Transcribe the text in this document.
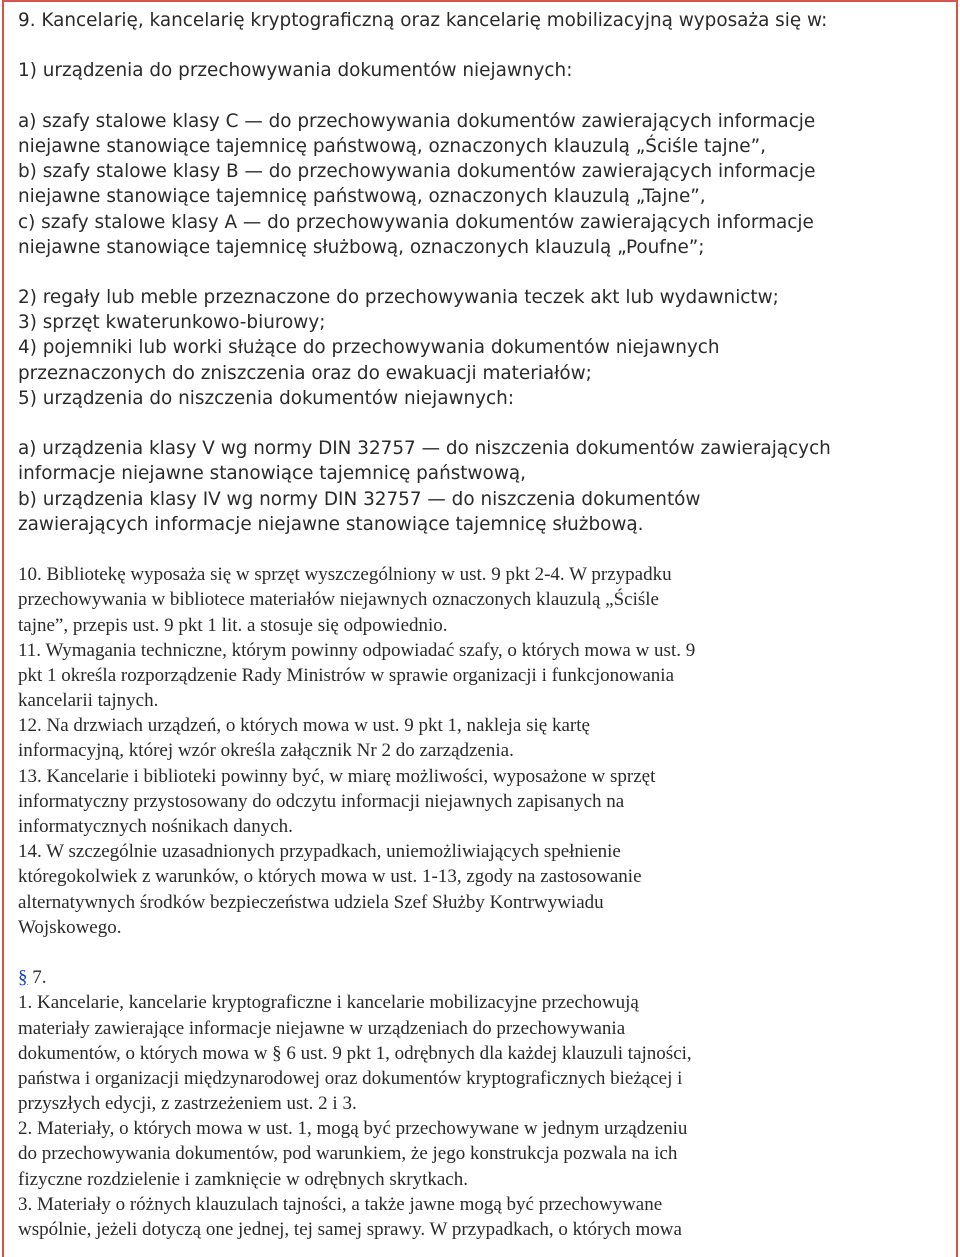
9. Kancelarię, kancelarię kryptograficzną oraz kancelarię mobilizacyjną wyposaża się w:
1) urządzenia do przechowywania dokumentów niejawnych:
a) szafy stalowe klasy C — do przechowywania dokumentów zawierających informacje
niejawne stanowiące tajemnicę państwową, oznaczonych klauzulą „Ściśle tajne”,
b) szafy stalowe klasy B — do przechowywania dokumentów zawierających informacje
niejawne stanowiące tajemnicę państwową, oznaczonych klauzulą „Tajne”,
c) szafy stalowe klasy A — do przechowywania dokumentów zawierających informacje
niejawne stanowiące tajemnicę służbową, oznaczonych klauzulą „Poufne”;
2) regały lub meble przeznaczone do przechowywania teczek akt lub wydawnictw;
3) sprzęt kwaterunkowo-biurowy;
4) pojemniki lub worki służące do przechowywania dokumentów niejawnych
przeznaczonych do zniszczenia oraz do ewakuacji materiałów;
5) urządzenia do niszczenia dokumentów niejawnych:
a) urządzenia klasy V wg normy DIN 32757 — do niszczenia dokumentów zawierających
informacje niejawne stanowiące tajemnicę państwową,
b) urządzenia klasy IV wg normy DIN 32757 — do niszczenia dokumentów
zawierających informacje niejawne stanowiące tajemnicę służbową.
10. Bibliotekę wyposaża się w sprzęt wyszczególniony w ust. 9 pkt 2-4. W przypadku
przechowywania w bibliotece materiałów niejawnych oznaczonych klauzulą „Ściśle
tajne”, przepis ust. 9 pkt 1 lit. a stosuje się odpowiednio.
11. Wymagania techniczne, którym powinny odpowiadać szafy, o których mowa w ust. 9
pkt 1 określa rozporządzenie Rady Ministrów w sprawie organizacji i funkcjonowania
kancelarii tajnych.
12. Na drzwiach urządzeń, o których mowa w ust. 9 pkt 1, nakleja się kartę
informacyjną, której wzór określa załącznik Nr 2 do zarządzenia.
13. Kancelarie i biblioteki powinny być, w miarę możliwości, wyposażone w sprzęt
informatyczny przystosowany do odczytu informacji niejawnych zapisanych na
informatycznych nośnikach danych.
14. W szczególnie uzasadnionych przypadkach, uniemożliwiających spełnienie
któregokolwiek z warunków, o których mowa w ust. 1-13, zgody na zastosowanie
alternatywnych środków bezpieczeństwa udziela Szef Służby Kontrwywiadu
Wojskowego.
§ 7.
1. Kancelarie, kancelarie kryptograficzne i kancelarie mobilizacyjne przechowują
materiały zawierające informacje niejawne w urządzeniach do przechowywania
dokumentów, o których mowa w § 6 ust. 9 pkt 1, odrębnych dla każdej klauzuli tajności,
państwa i organizacji międzynarodowej oraz dokumentów kryptograficznych bieżącej i
przyszłych edycji, z zastrzeżeniem ust. 2 i 3.
2. Materiały, o których mowa w ust. 1, mogą być przechowywane w jednym urządzeniu
do przechowywania dokumentów, pod warunkiem, że jego konstrukcja pozwala na ich
fizyczne rozdzielenie i zamknięcie w odrębnych skrytkach.
3. Materiały o różnych klauzulach tajności, a także jawne mogą być przechowywane
wspólnie, jeżeli dotyczą one jednej, tej samej sprawy. W przypadkach, o których mowa
